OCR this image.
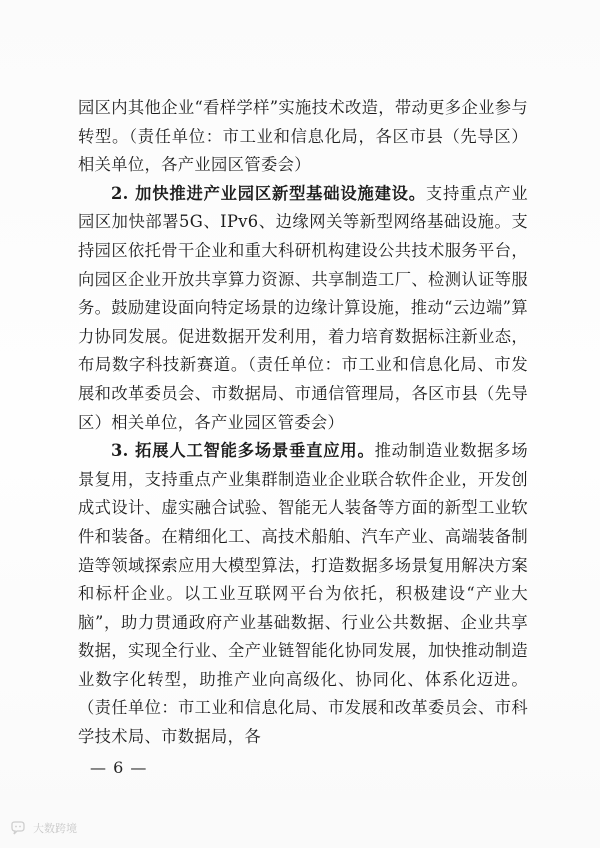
园区内其他企业“看样学样”实施技术改造，带动更多企业参与转型。（责任单位：市工业和信息化局，各区市县（先导区）相关单位，各产业园区管委会）

2. 加快推进产业园区新型基础设施建设。支持重点产业园区加快部署5G、IPv6、边缘网关等新型网络基础设施。支持园区依托骨干企业和重大科研机构建设公共技术服务平台，向园区企业开放共享算力资源、共享制造工厂、检测认证等服务。鼓励建设面向特定场景的边缘计算设施，推动“云边端”算力协同发展。促进数据开发利用，着力培育数据标注新业态，布局数字科技新赛道。（责任单位：市工业和信息化局、市发展和改革委员会、市数据局、市通信管理局，各区市县（先导区）相关单位，各产业园区管委会）

3. 拓展人工智能多场景垂直应用。推动制造业数据多场景复用，支持重点产业集群制造业企业联合软件企业，开发创成式设计、虚实融合试验、智能无人装备等方面的新型工业软件和装备。在精细化工、高技术船舶、汽车产业、高端装备制造等领域探索应用大模型算法，打造数据多场景复用解决方案和标杆企业。以工业互联网平台为依托，积极建设“产业大脑”，助力贯通政府产业基础数据、行业公共数据、企业共享数据，实现全行业、全产业链智能化协同发展，加快推动制造业数字化转型，助推产业向高级化、协同化、体系化迈进。（责任单位：市工业和信息化局、市发展和改革委员会、市科学技术局、市数据局，各

— 6 —
大数跨境
